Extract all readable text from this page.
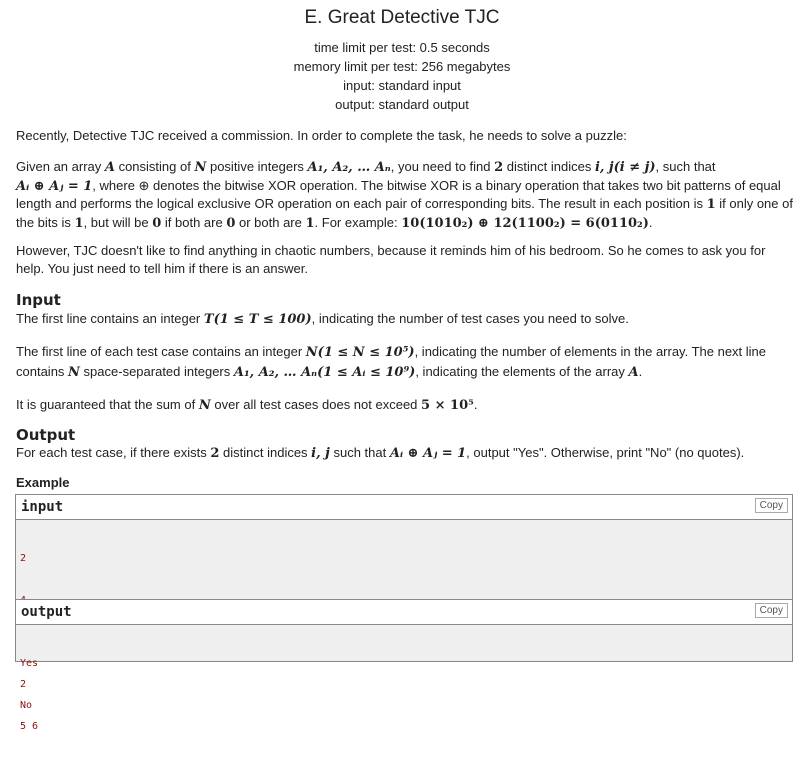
E. Great Detective TJC
time limit per test: 0.5 seconds
memory limit per test: 256 megabytes
input: standard input
output: standard output
Recently, Detective TJC received a commission. In order to complete the task, he needs to solve a puzzle:
Given an array A consisting of N positive integers A₁, A₂, … Aₙ, you need to find 2 distinct indices i, j(i ≠ j), such that
Aᵢ ⊕ Aⱼ = 1, where ⊕ denotes the bitwise XOR operation. The bitwise XOR is a binary operation that takes two bit patterns of equal length and performs the logical exclusive OR operation on each pair of corresponding bits. The result in each position is 1 if only one of the bits is 1, but will be 0 if both are 0 or both are 1. For example: 10(1010₂) ⊕ 12(1100₂) = 6(0110₂).
However, TJC doesn't like to find anything in chaotic numbers, because it reminds him of his bedroom. So he comes to ask you for help. You just need to tell him if there is an answer.
Input
The first line contains an integer T(1 ≤ T ≤ 100), indicating the number of test cases you need to solve.
The first line of each test case contains an integer N(1 ≤ N ≤ 10⁵), indicating the number of elements in the array. The next line contains N space-separated integers A₁, A₂, … Aₙ(1 ≤ Aᵢ ≤ 10⁹), indicating the elements of the array A.
It is guaranteed that the sum of N over all test cases does not exceed 5 × 10⁵.
Output
For each test case, if there exists 2 distinct indices i, j such that Aᵢ ⊕ Aⱼ = 1, output "Yes". Otherwise, print "No" (no quotes).
Example
input	Copy

2

2

5 6

output	Copy

Yes

No
